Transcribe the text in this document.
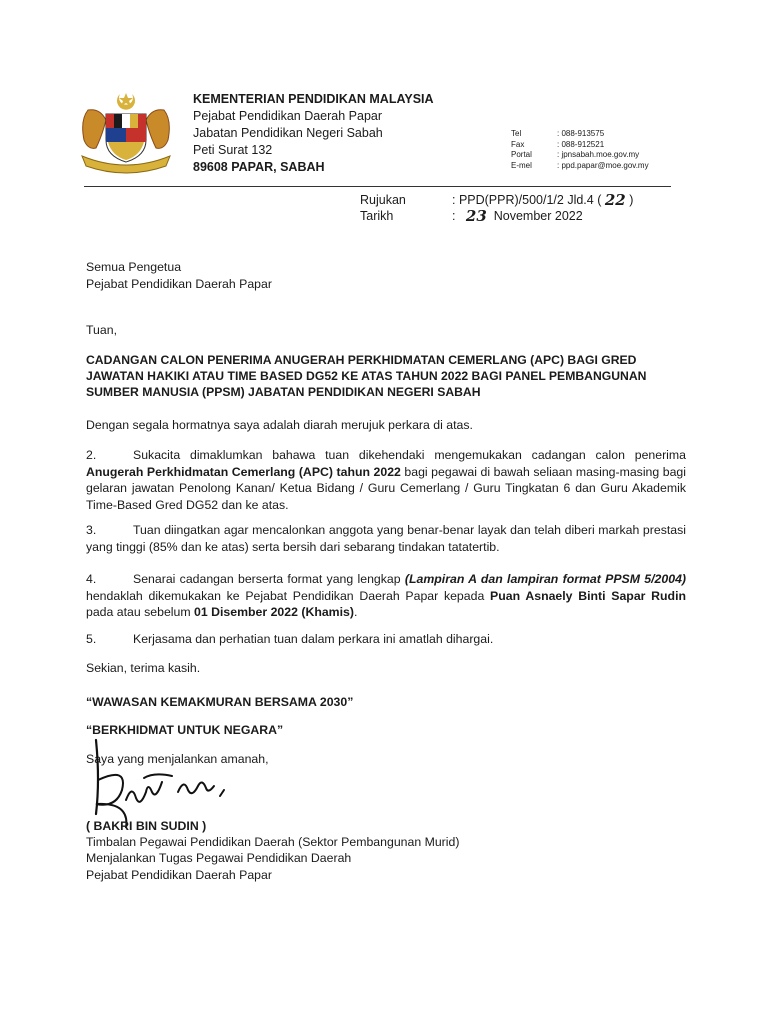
KEMENTERIAN PENDIDIKAN MALAYSIA
Pejabat Pendidikan Daerah Papar
Jabatan Pendidikan Negeri Sabah
Peti Surat 132
89608 PAPAR, SABAH
Tel	: 088-913575
Fax	: 088-912521
Portal	: jpnsabah.moe.gov.my
E-mel	: ppd.papar@moe.gov.my
Rujukan	: PPD(PPR)/500/1/2 Jld.4 (
22
)
Tarikh	:
23
November 2022
Semua Pengetua
Pejabat Pendidikan Daerah Papar
Tuan,
CADANGAN CALON PENERIMA ANUGERAH PERKHIDMATAN CEMERLANG (APC) BAGI GRED JAWATAN HAKIKI ATAU TIME BASED DG52 KE ATAS TAHUN 2022 BAGI PANEL PEMBANGUNAN SUMBER MANUSIA (PPSM) JABATAN PENDIDIKAN NEGERI SABAH
Dengan segala hormatnya saya adalah diarah merujuk perkara di atas.
2.	Sukacita dimaklumkan bahawa tuan dikehendaki mengemukakan cadangan calon penerima Anugerah Perkhidmatan Cemerlang (APC) tahun 2022 bagi pegawai di bawah seliaan masing-masing bagi gelaran jawatan Penolong Kanan/ Ketua Bidang / Guru Cemerlang / Guru Tingkatan 6 dan Guru Akademik Time-Based Gred DG52 dan ke atas.
3.	Tuan diingatkan agar mencalonkan anggota yang benar-benar layak dan telah diberi markah prestasi yang tinggi (85% dan ke atas) serta bersih dari sebarang tindakan tatatertib.
4.	Senarai cadangan berserta format yang lengkap (Lampiran A dan lampiran format PPSM 5/2004) hendaklah dikemukakan ke Pejabat Pendidikan Daerah Papar kepada Puan Asnaely Binti Sapar Rudin pada atau sebelum 01 Disember 2022 (Khamis).
5.	Kerjasama dan perhatian tuan dalam perkara ini amatlah dihargai.
Sekian, terima kasih.
“WAWASAN KEMAKMURAN BERSAMA 2030”
“BERKHIDMAT UNTUK NEGARA”
Saya yang menjalankan amanah,
( BAKRI BIN SUDIN )
Timbalan Pegawai Pendidikan Daerah (Sektor Pembangunan Murid)
Menjalankan Tugas Pegawai Pendidikan Daerah
Pejabat Pendidikan Daerah Papar
